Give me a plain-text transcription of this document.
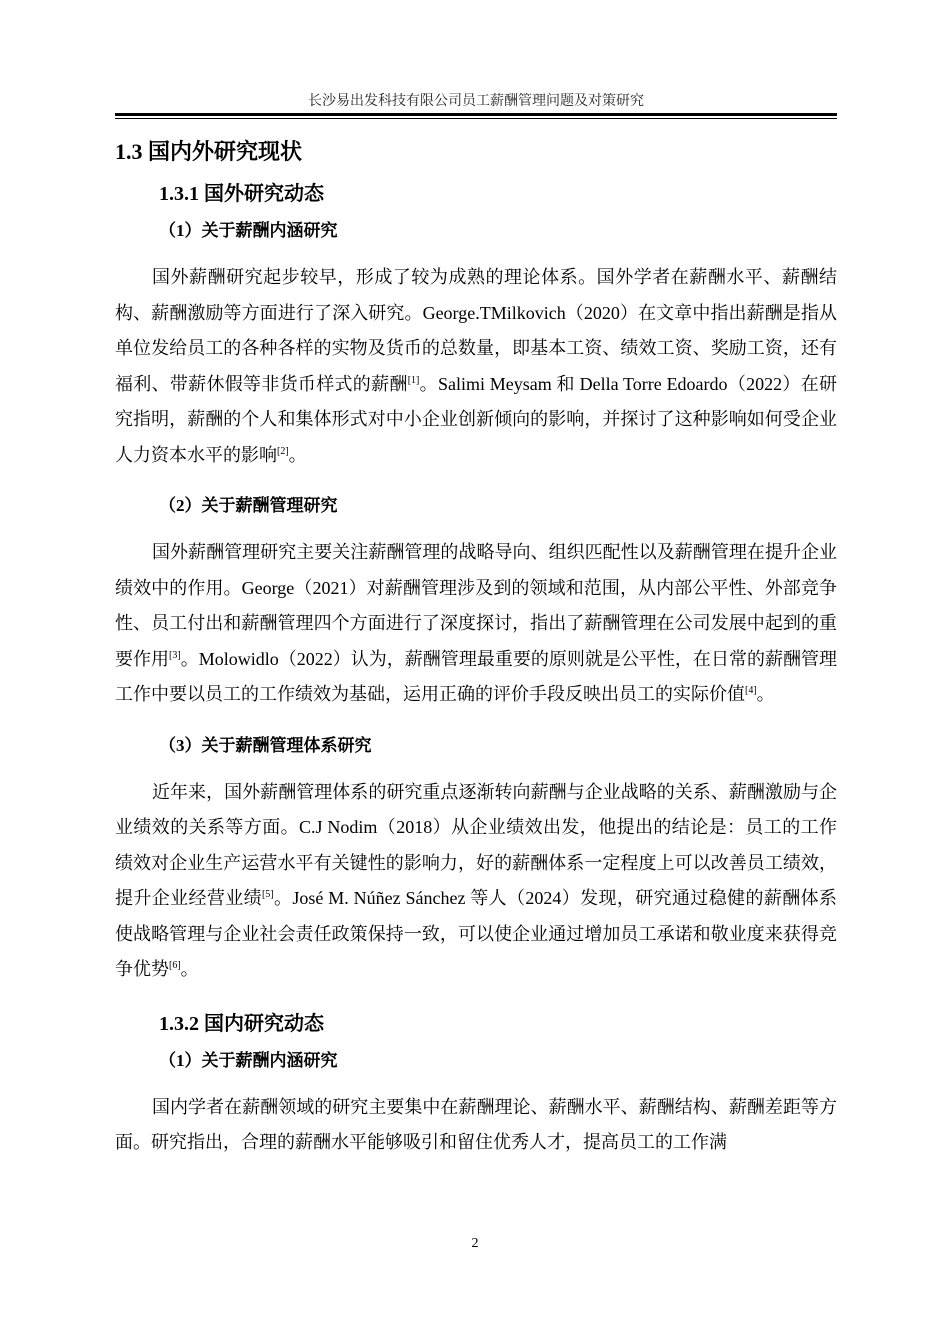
长沙易出发科技有限公司员工薪酬管理问题及对策研究
1.3 国内外研究现状
1.3.1 国外研究动态
（1）关于薪酬内涵研究

国外薪酬研究起步较早，形成了较为成熟的理论体系。国外学者在薪酬水平、薪酬结构、薪酬激励等方面进行了深入研究。George.TMilkovich（2020）在文章中指出薪酬是指从单位发给员工的各种各样的实物及货币的总数量，即基本工资、绩效工资、奖励工资，还有福利、带薪休假等非货币样式的薪酬[1]。Salimi Meysam 和 Della Torre Edoardo（2022）在研究指明，薪酬的个人和集体形式对中小企业创新倾向的影响，并探讨了这种影响如何受企业人力资本水平的影响[2]。

（2）关于薪酬管理研究

国外薪酬管理研究主要关注薪酬管理的战略导向、组织匹配性以及薪酬管理在提升企业绩效中的作用。George（2021）对薪酬管理涉及到的领域和范围，从内部公平性、外部竞争性、员工付出和薪酬管理四个方面进行了深度探讨，指出了薪酬管理在公司发展中起到的重要作用[3]。Molowidlo（2022）认为，薪酬管理最重要的原则就是公平性，在日常的薪酬管理工作中要以员工的工作绩效为基础，运用正确的评价手段反映出员工的实际价值[4]。

（3）关于薪酬管理体系研究

近年来，国外薪酬管理体系的研究重点逐渐转向薪酬与企业战略的关系、薪酬激励与企业绩效的关系等方面。C.J Nodim（2018）从企业绩效出发，他提出的结论是：员工的工作绩效对企业生产运营水平有关键性的影响力，好的薪酬体系一定程度上可以改善员工绩效，提升企业经营业绩[5]。José M. Núñez Sánchez 等人（2024）发现，研究通过稳健的薪酬体系使战略管理与企业社会责任政策保持一致，可以使企业通过增加员工承诺和敬业度来获得竞争优势[6]。

1.3.2 国内研究动态
（1）关于薪酬内涵研究

国内学者在薪酬领域的研究主要集中在薪酬理论、薪酬水平、薪酬结构、薪酬差距等方面。研究指出，合理的薪酬水平能够吸引和留住优秀人才，提高员工的工作满

2
